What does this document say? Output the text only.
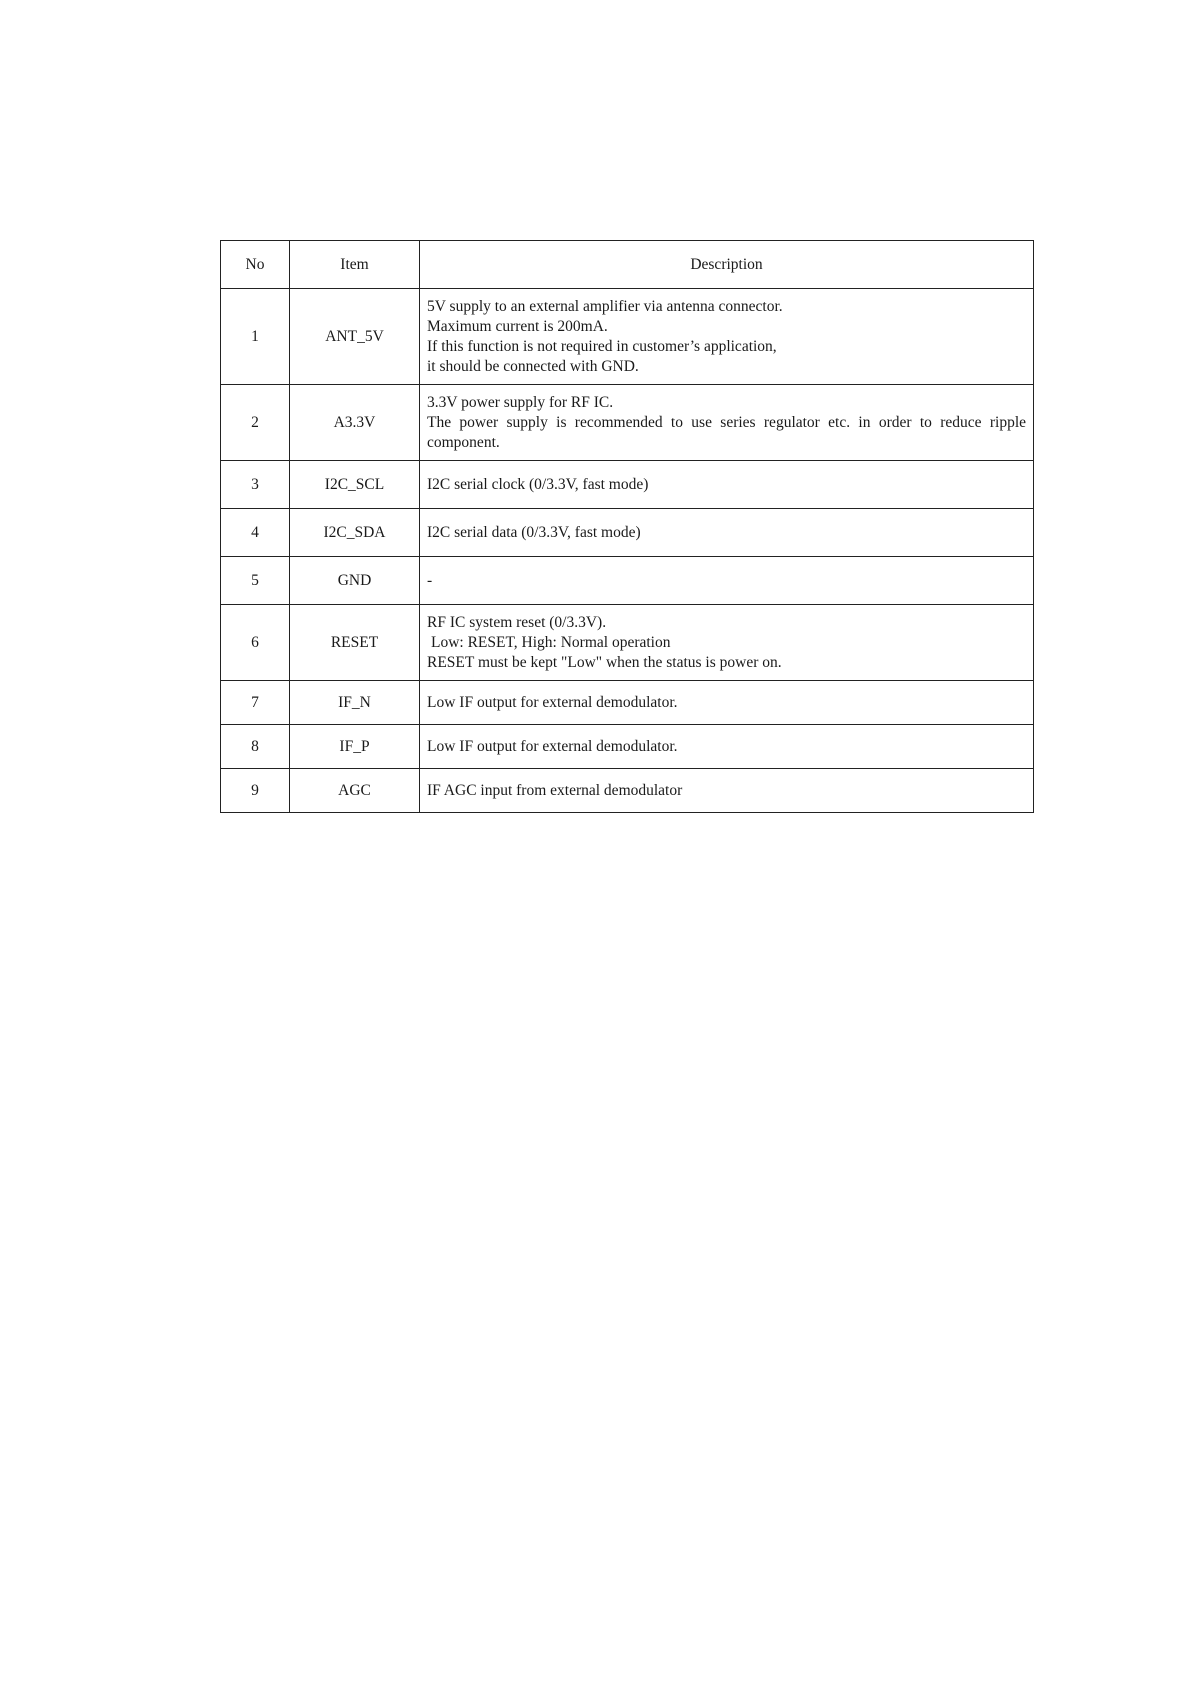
No	Item	Description
1	ANT_5V	5V supply to an external amplifier via antenna connector.
Maximum current is 200mA.
If this function is not required in customer’s application,
it should be connected with GND.

2	A3.3V	3.3V power supply for RF IC.
The power supply is recommended to use series regulator etc. in order to reduce ripple component.

3	I2C_SCL	I2C serial clock (0/3.3V, fast mode)

4	I2C_SDA	I2C serial data (0/3.3V, fast mode)

5	GND	-

6	RESET	RF IC system reset (0/3.3V).
Low: RESET, High: Normal operation
RESET must be kept "Low" when the status is power on.

7	IF_N	Low IF output for external demodulator.

8	IF_P	Low IF output for external demodulator.

9	AGC	IF AGC input from external demodulator
